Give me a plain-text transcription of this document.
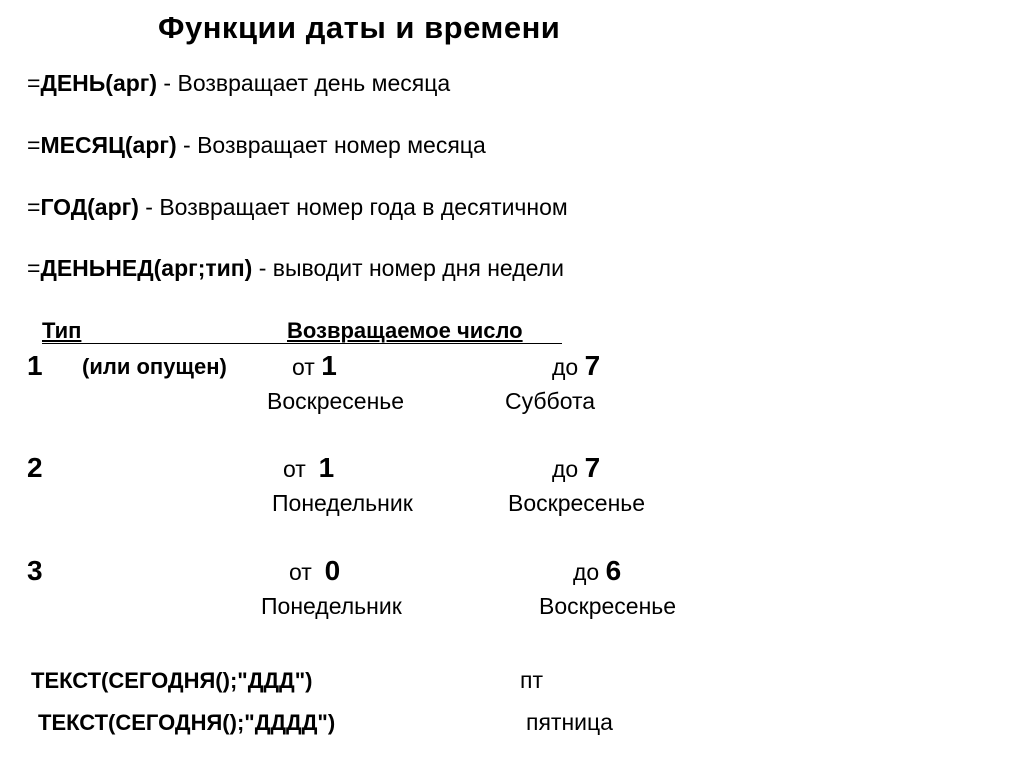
Функции даты и времени
=ДЕНЬ(арг) - Возвращает день месяца
=МЕСЯЦ(арг) - Возвращает номер месяца
=ГОД(арг) - Возвращает номер года в десятичном
=ДЕНЬНЕД(арг;тип) - выводит номер дня недели
Тип	Возвращаемое число
1 (или опущен)	от 1	до 7
Воскресенье	Суббота
2	от 1	до 7
Понедельник	Воскресенье
3	от 0	до 6
Понедельник	Воскресенье
ТЕКСТ(СЕГОДНЯ();"ДДД")	пт
ТЕКСТ(СЕГОДНЯ();"ДДДД")	пятница
